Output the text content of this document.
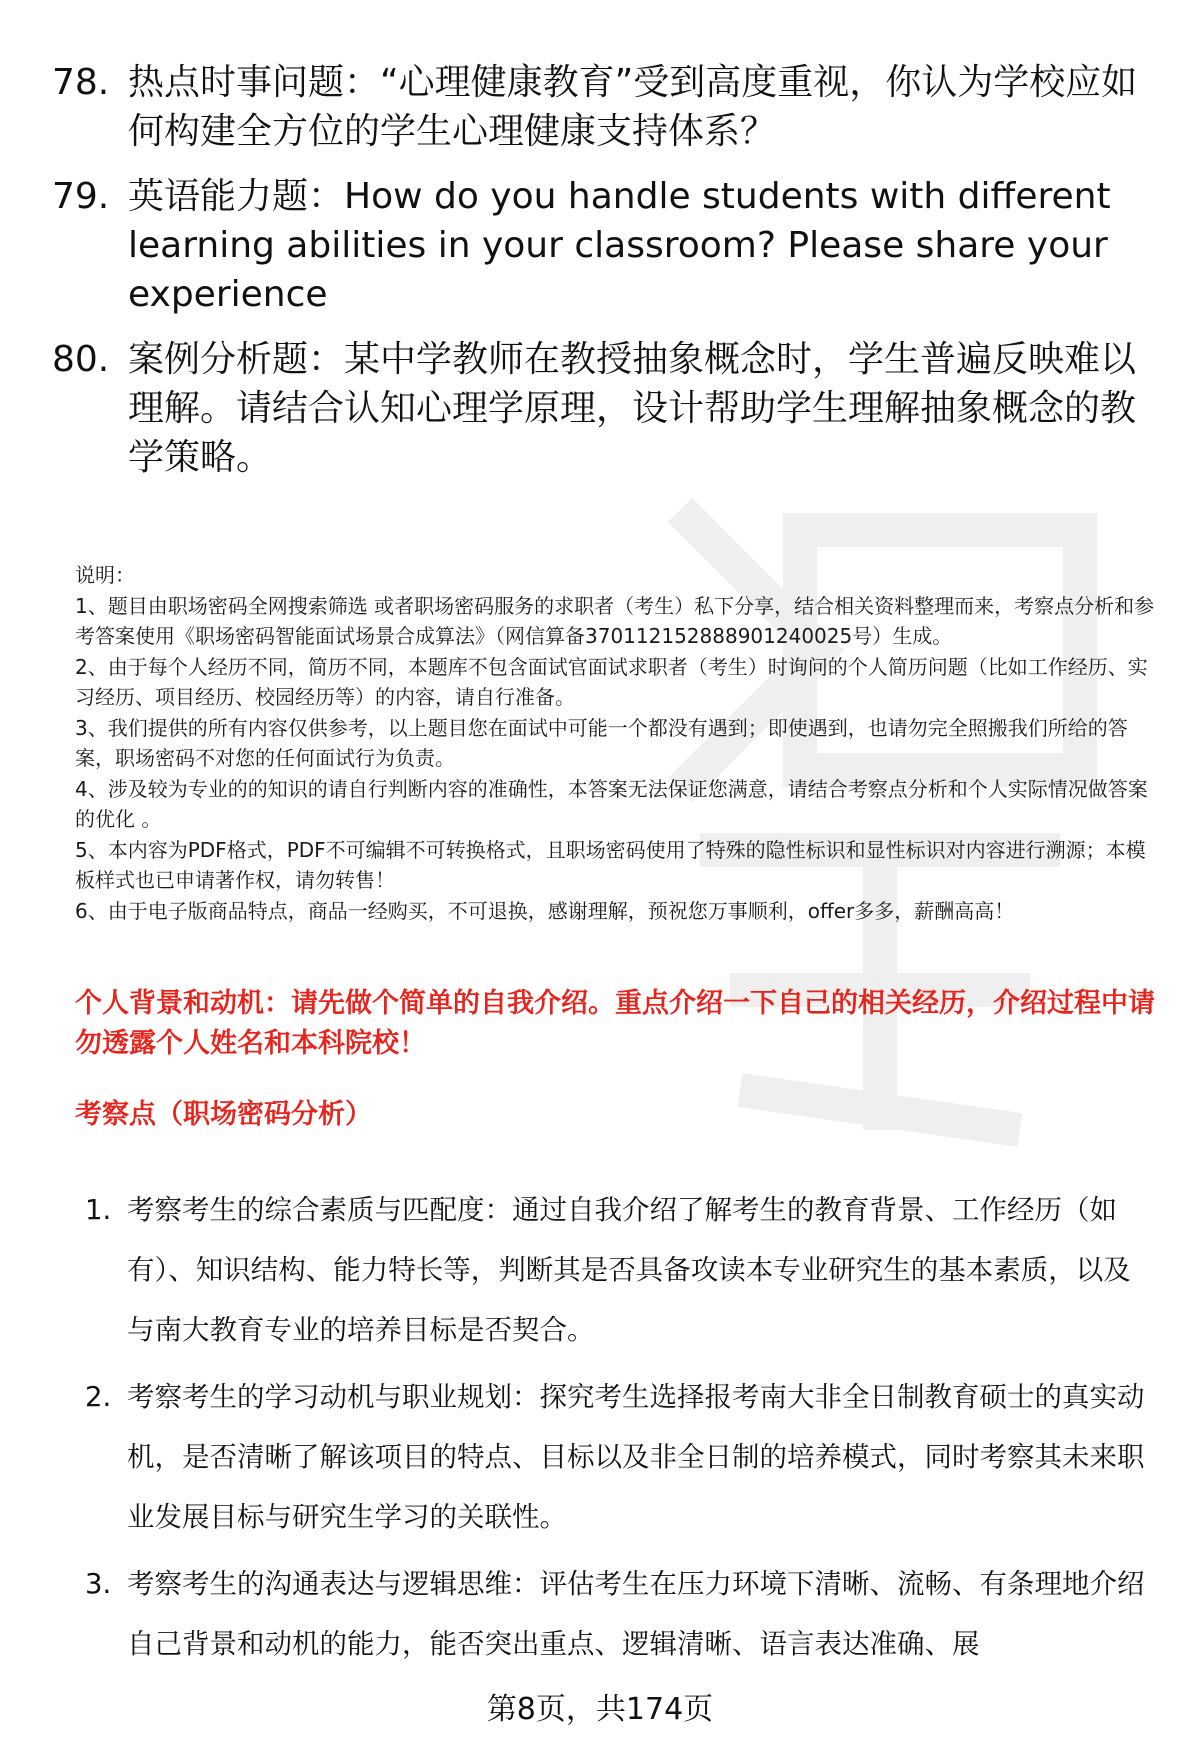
78. 热点时事问题：“心理健康教育”受到高度重视，你认为学校应如何构建全方位的学生心理健康支持体系？
79. 英语能力题：How do you handle students with different learning abilities in your classroom? Please share your experience
80. 案例分析题：某中学教师在教授抽象概念时，学生普遍反映难以理解。请结合认知心理学原理，设计帮助学生理解抽象概念的教学策略。

说明：

1、题目由职场密码全网搜索筛选 或者职场密码服务的求职者（考生）私下分享，结合相关资料整理而来，考察点分析和参考答案使用《职场密码智能面试场景合成算法》（网信算备370112152888901240025号）生成。

2、由于每个人经历不同，简历不同，本题库不包含面试官面试求职者（考生）时询问的个人简历问题（比如工作经历、实习经历、项目经历、校园经历等）的内容，请自行准备。

3、我们提供的所有内容仅供参考，以上题目您在面试中可能一个都没有遇到；即使遇到，也请勿完全照搬我们所给的答案，职场密码不对您的任何面试行为负责。

4、涉及较为专业的的知识的请自行判断内容的准确性，本答案无法保证您满意，请结合考察点分析和个人实际情况做答案的优化 。

5、本内容为PDF格式，PDF不可编辑不可转换格式，且职场密码使用了特殊的隐性标识和显性标识对内容进行溯源；本模板样式也已申请著作权，请勿转售！

6、由于电子版商品特点，商品一经购买，不可退换，感谢理解，预祝您万事顺利，offer多多，薪酬高高！

个人背景和动机：请先做个简单的自我介绍。重点介绍一下自己的相关经历，介绍过程中请勿透露个人姓名和本科院校！
考察点（职场密码分析）
1. 考察考生的综合素质与匹配度：通过自我介绍了解考生的教育背景、工作经历（如有）、知识结构、能力特长等，判断其是否具备攻读本专业研究生的基本素质，以及与南大教育专业的培养目标是否契合。
2. 考察考生的学习动机与职业规划：探究考生选择报考南大非全日制教育硕士的真实动机，是否清晰了解该项目的特点、目标以及非全日制的培养模式，同时考察其未来职业发展目标与研究生学习的关联性。
3. 考察考生的沟通表达与逻辑思维：评估考生在压力环境下清晰、流畅、有条理地介绍自己背景和动机的能力，能否突出重点、逻辑清晰、语言表达准确、展
第8页，共174页
